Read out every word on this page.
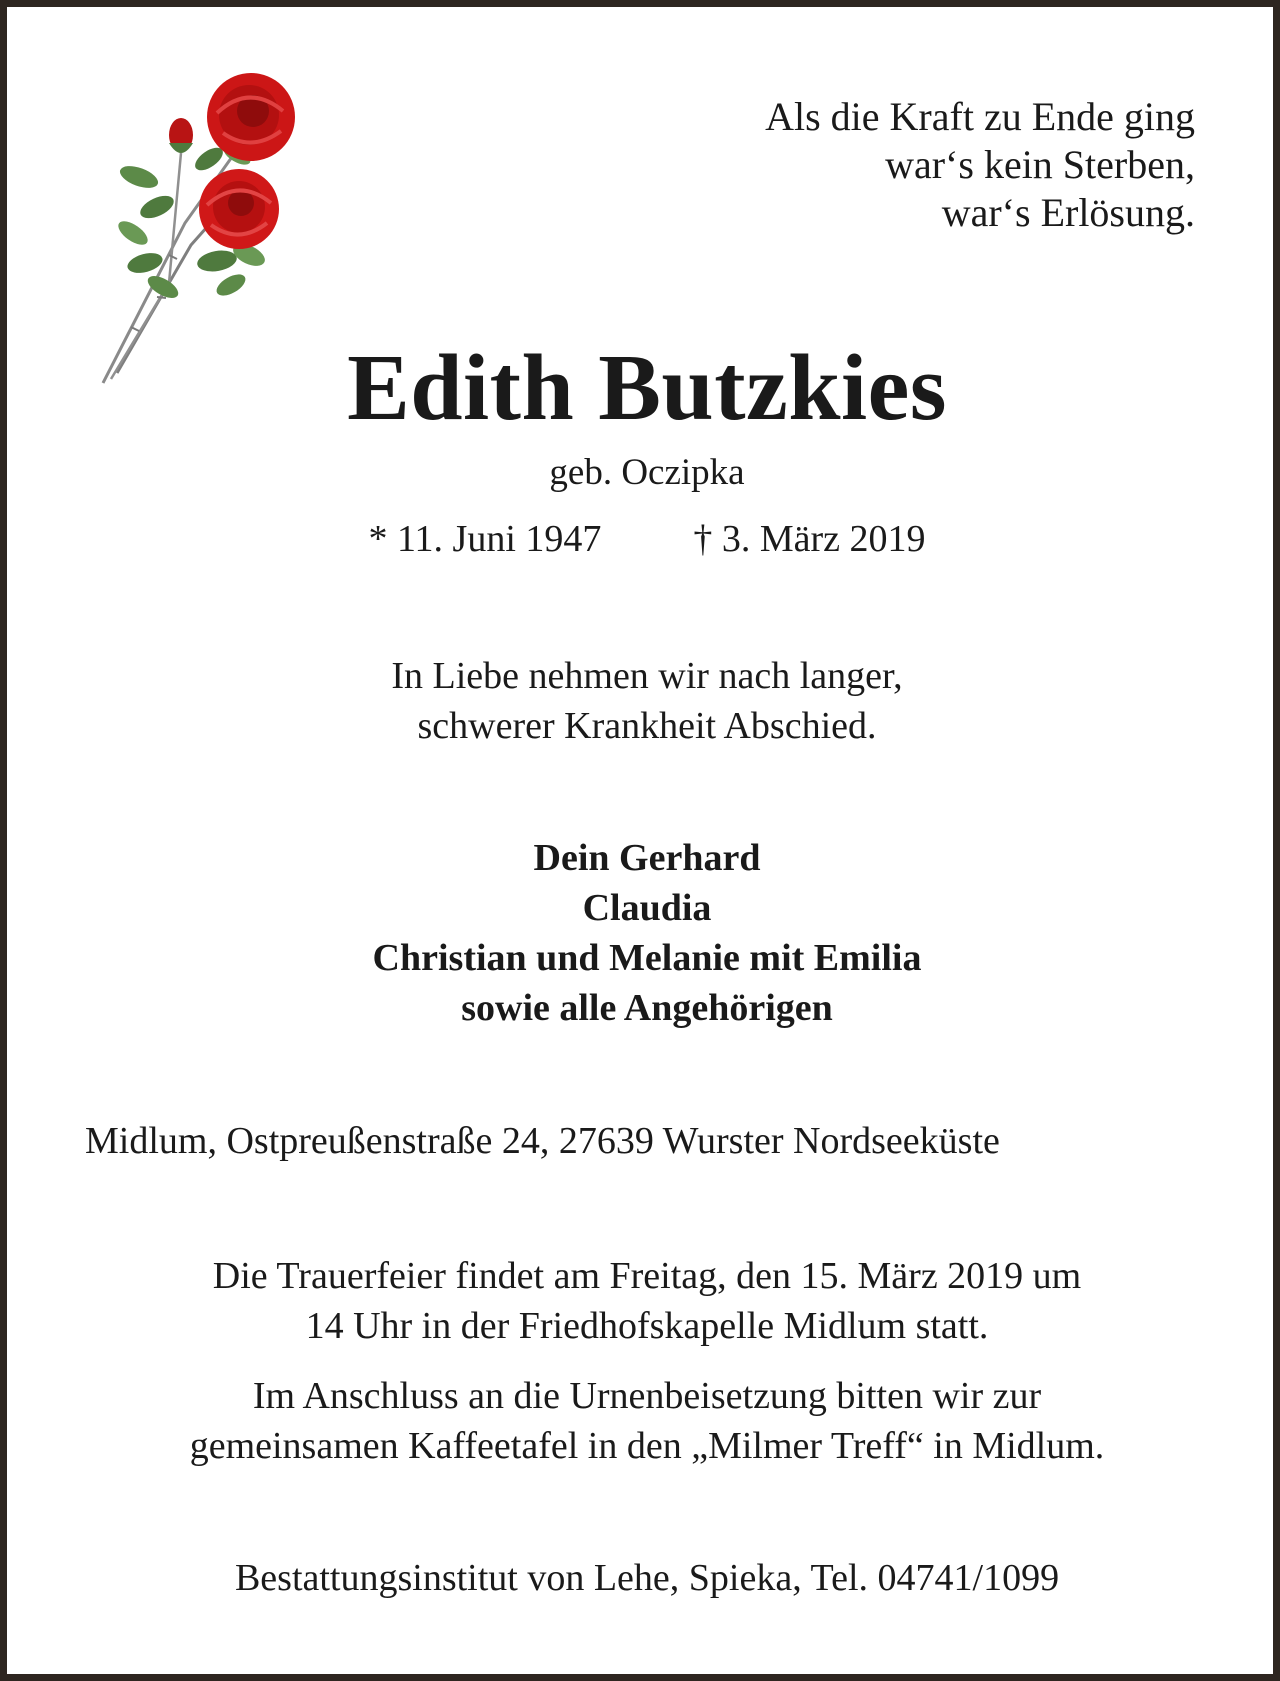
Als die Kraft zu Ende ging
war‘s kein Sterben,
war‘s Erlösung.
Edith Butzkies
geb. Oczipka
* 11. Juni 1947 † 3. März 2019
In Liebe nehmen wir nach langer,
schwerer Krankheit Abschied.
Dein Gerhard
Claudia
Christian und Melanie mit Emilia
sowie alle Angehörigen
Midlum, Ostpreußenstraße 24, 27639 Wurster Nordseeküste
Die Trauerfeier findet am Freitag, den 15. März 2019 um
14 Uhr in der Friedhofskapelle Midlum statt.
Im Anschluss an die Urnenbeisetzung bitten wir zur
gemeinsamen Kaffeetafel in den „Milmer Treff“ in Midlum.
Bestattungsinstitut von Lehe, Spieka, Tel. 04741/1099
